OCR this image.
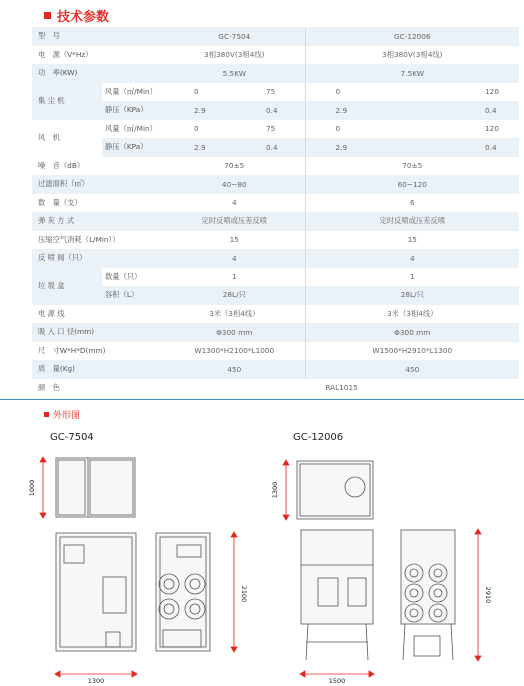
技术参数
型　号		GC-7504		GC-12006	
电　源（V*Hz）		3相380V(3相4线)		3相380V(3相4线)	
功　率(KW)		5.5KW		7.5KW	
集 尘 机	风量（㎥/Min）	0	75	0	120
	静压（KPa）	2.9	0.4	2.9	0.4
风　机	风量（㎥/Min）	0	75	0	120
	静压（KPa）	2.9	0.4	2.9	0.4
噪　音（dB）		70±5		70±5	
过滤面积（㎡）		40~80		60~120	
数　量（支）		4		6	
弹 灰 方 式		定时反喷或压差反喷		定时反喷或压差反喷	
压缩空气消耗（L/Min））		15		15	
反 喷 阀（只）		4		4	
垃 圾 盒	数量（只）	1		1	
	容积（L）	28L/只		28L/只	
电 源 线		3米（3相4线）		3米（3相4线）	
吸 入 口 径(mm)		Φ300 mm		Φ300 mm	
尺　寸W*H*D(mm)		W1300*H2100*L1000		W1500*H2910*L1300	
质　量(Kg)		450		450	
颜　色		RAL1015			
外形图
GC-7504	GC-12006
1000
2100
1300
1300
2910
1500
